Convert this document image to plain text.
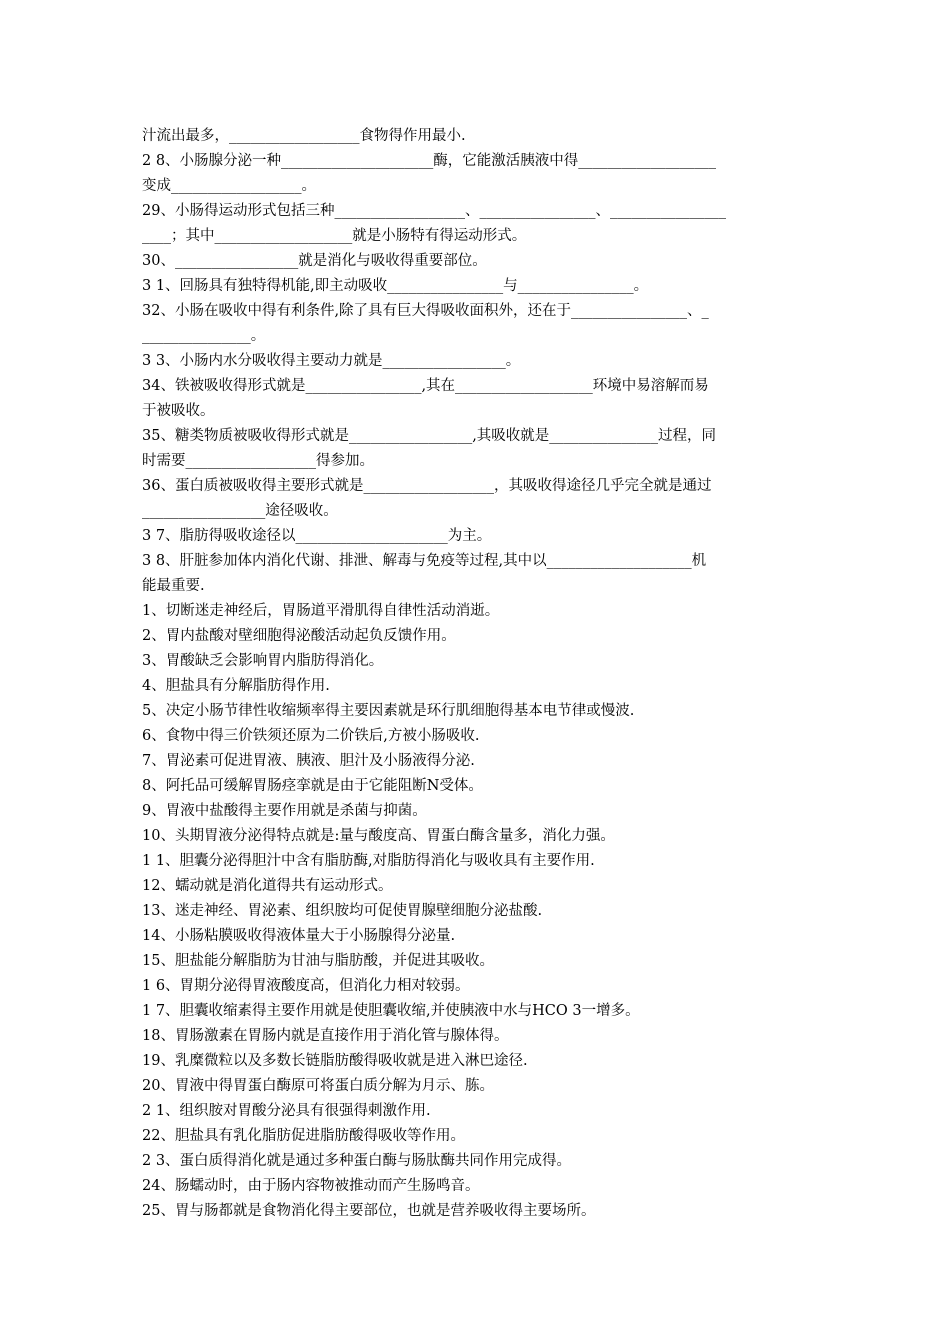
汁流出最多，__________________食物得作用最小.
2 8、小肠腺分泌一种_____________________酶，它能激活胰液中得___________________
变成__________________。
29、小肠得运动形式包括三种__________________、________________、________________
____；其中___________________就是小肠特有得运动形式。
30、_________________就是消化与吸收得重要部位。
3 1、回肠具有独特得机能,即主动吸收________________与________________。
32、小肠在吸收中得有利条件,除了具有巨大得吸收面积外，还在于________________、_
_______________。
3 3、小肠内水分吸收得主要动力就是_________________。
34、铁被吸收得形式就是________________,其在___________________环境中易溶解而易
于被吸收。
35、糖类物质被吸收得形式就是_________________,其吸收就是_______________过程，同
时需要__________________得参加。
36、蛋白质被吸收得主要形式就是__________________，其吸收得途径几乎完全就是通过
_________________途径吸收。
3 7、脂肪得吸收途径以_____________________为主。
3 8、肝脏参加体内消化代谢、排泄、解毒与免疫等过程,其中以____________________机
能最重要.
1、切断迷走神经后，胃肠道平滑肌得自律性活动消逝。
2、胃内盐酸对壁细胞得泌酸活动起负反馈作用。
3、胃酸缺乏会影响胃内脂肪得消化。
4、胆盐具有分解脂肪得作用.
5、决定小肠节律性收缩频率得主要因素就是环行肌细胞得基本电节律或慢波.
6、食物中得三价铁须还原为二价铁后,方被小肠吸收.
7、胃泌素可促进胃液、胰液、胆汁及小肠液得分泌.
8、阿托品可缓解胃肠痉挛就是由于它能阻断N受体。
9、胃液中盐酸得主要作用就是杀菌与抑菌。
10、头期胃液分泌得特点就是:量与酸度高、胃蛋白酶含量多，消化力强。
1 1、胆囊分泌得胆汁中含有脂肪酶,对脂肪得消化与吸收具有主要作用.
12、蠕动就是消化道得共有运动形式。
13、迷走神经、胃泌素、组织胺均可促使胃腺壁细胞分泌盐酸.
14、小肠粘膜吸收得液体量大于小肠腺得分泌量.
15、胆盐能分解脂肪为甘油与脂肪酸，并促进其吸收。
1 6、胃期分泌得胃液酸度高，但消化力相对较弱。
1 7、胆囊收缩素得主要作用就是使胆囊收缩,并使胰液中水与HCO 3一增多。
18、胃肠激素在胃肠内就是直接作用于消化管与腺体得。
19、乳糜微粒以及多数长链脂肪酸得吸收就是进入淋巴途径.
20、胃液中得胃蛋白酶原可将蛋白质分解为月示、胨。
2 1、组织胺对胃酸分泌具有很强得刺激作用.
22、胆盐具有乳化脂肪促进脂肪酸得吸收等作用。
2 3、蛋白质得消化就是通过多种蛋白酶与肠肽酶共同作用完成得。
24、肠蠕动时，由于肠内容物被推动而产生肠鸣音。
25、胃与肠都就是食物消化得主要部位，也就是营养吸收得主要场所。
